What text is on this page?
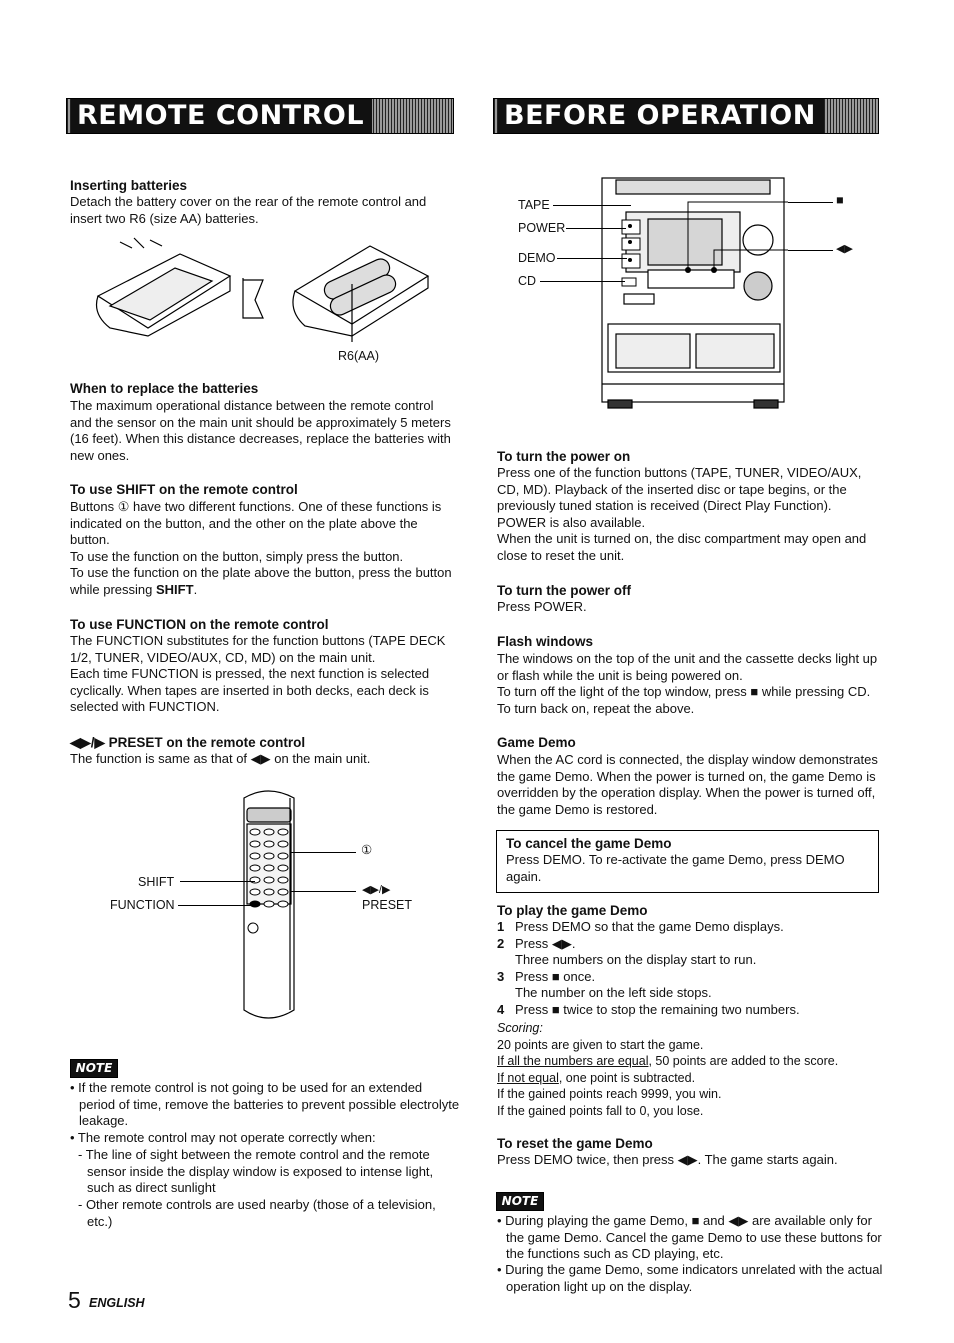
REMOTE CONTROL	BEFORE OPERATION
Inserting batteries
Detach the battery cover on the rear of the remote control and insert two R6 (size AA) batteries.
R6(AA)
When to replace the batteries
The maximum operational distance between the remote control and the sensor on the main unit should be approximately 5 meters (16 feet). When this distance decreases, replace the batteries with new ones.
To use SHIFT on the remote control
Buttons ① have two different functions. One of these functions is indicated on the button, and the other on the plate above the button.
To use the function on the button, simply press the button.
To use the function on the plate above the button, press the button while pressing SHIFT.
To use FUNCTION on the remote control
The FUNCTION substitutes for the function buttons (TAPE DECK 1/2, TUNER, VIDEO/AUX, CD, MD) on the main unit.
Each time FUNCTION is pressed, the next function is selected cyclically. When tapes are inserted in both decks, each deck is selected with FUNCTION.
◀▶/▶ PRESET on the remote control
The function is same as that of ◀▶ on the main unit.
①
SHIFT
◀▶/▶
FUNCTION	PRESET
NOTE
• If the remote control is not going to be used for an extended period of time, remove the batteries to prevent possible electrolyte leakage.
• The remote control may not operate correctly when:
- The line of sight between the remote control and the remote sensor inside the display window is exposed to intense light, such as direct sunlight
- Other remote controls are used nearby (those of a television, etc.)
5 ENGLISH
TAPE
POWER
DEMO
CD
■
◀▶
To turn the power on
Press one of the function buttons (TAPE, TUNER, VIDEO/AUX, CD, MD). Playback of the inserted disc or tape begins, or the previously tuned station is received (Direct Play Function). POWER is also available.
When the unit is turned on, the disc compartment may open and close to reset the unit.
To turn the power off
Press POWER.
Flash windows
The windows on the top of the unit and the cassette decks light up or flash while the unit is being powered on.
To turn off the light of the top window, press ■ while pressing CD. To turn back on, repeat the above.
Game Demo
When the AC cord is connected, the display window demonstrates the game Demo. When the power is turned on, the game Demo is overridden by the operation display. When the power is turned off, the game Demo is restored.
To cancel the game Demo
Press DEMO. To re-activate the game Demo, press DEMO again.
To play the game Demo
1 Press DEMO so that the game Demo displays.
2 Press ◀▶.
Three numbers on the display start to run.
3 Press ■ once.
The number on the left side stops.
4 Press ■ twice to stop the remaining two numbers.
Scoring:
20 points are given to start the game.
If all the numbers are equal, 50 points are added to the score.
If not equal, one point is subtracted.
If the gained points reach 9999, you win.
If the gained points fall to 0, you lose.
To reset the game Demo
Press DEMO twice, then press ◀▶. The game starts again.
NOTE
• During playing the game Demo, ■ and ◀▶ are available only for the game Demo. Cancel the game Demo to use these buttons for the functions such as CD playing, etc.
• During the game Demo, some indicators unrelated with the actual operation light up on the display.
